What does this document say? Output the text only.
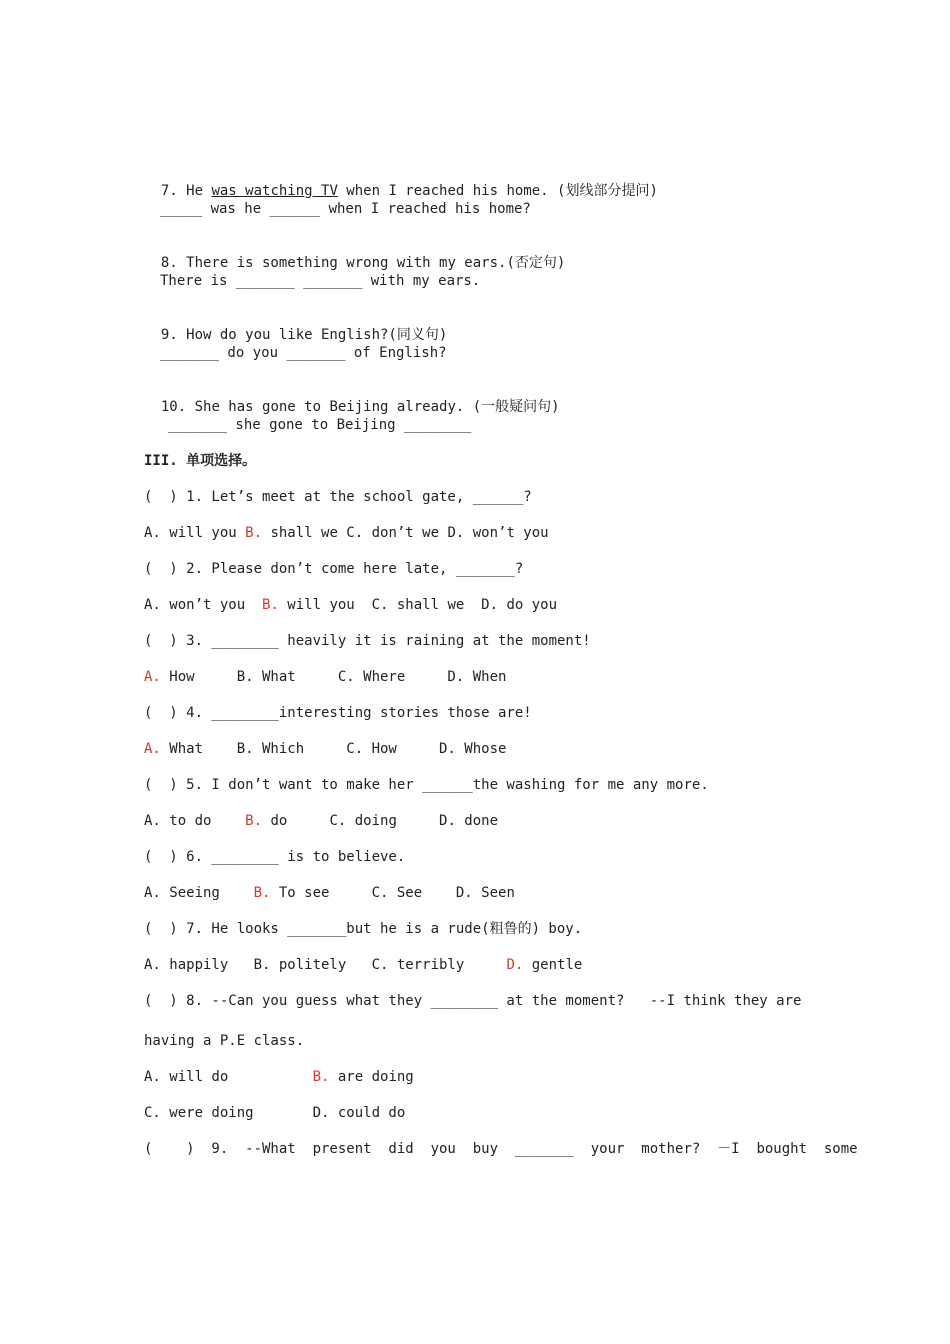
7. He was watching TV when I reached his home. (划线部分提问)

_____ was he ______ when I reached his home?

8. There is something wrong with my ears.(否定句)

There is _______ _______ with my ears.

9. How do you like English?(同义句)

_______ do you _______ of English?

10. She has gone to Beijing already. (一般疑问句)

_______ she gone to Beijing ________
III. 单项选择。
(  ) 1. Let’s meet at the school gate, ______?
A. will you B. shall we C. don’t we D. won’t you
(  ) 2. Please don’t come here late, _______?
A. won’t you  B. will you  C. shall we  D. do you
(  ) 3. ________ heavily it is raining at the moment!
A. How     B. What     C. Where     D. When
(  ) 4. ________interesting stories those are!
A. What    B. Which     C. How     D. Whose
(  ) 5. I don’t want to make her ______the washing for me any more.
A. to do    B. do     C. doing     D. done
(  ) 6. ________ is to believe.
A. Seeing    B. To see     C. See    D. Seen
(  ) 7. He looks _______but he is a rude(粗鲁的) boy.
A. happily   B. politely   C. terribly     D. gentle
(  ) 8. --Can you guess what they ________ at the moment?   --I think they are
having a P.E class.
A. will do          B. are doing
C. were doing       D. could do
(    )  9.  --What  present  did  you  buy  _______  your  mother?  －I  bought  some
